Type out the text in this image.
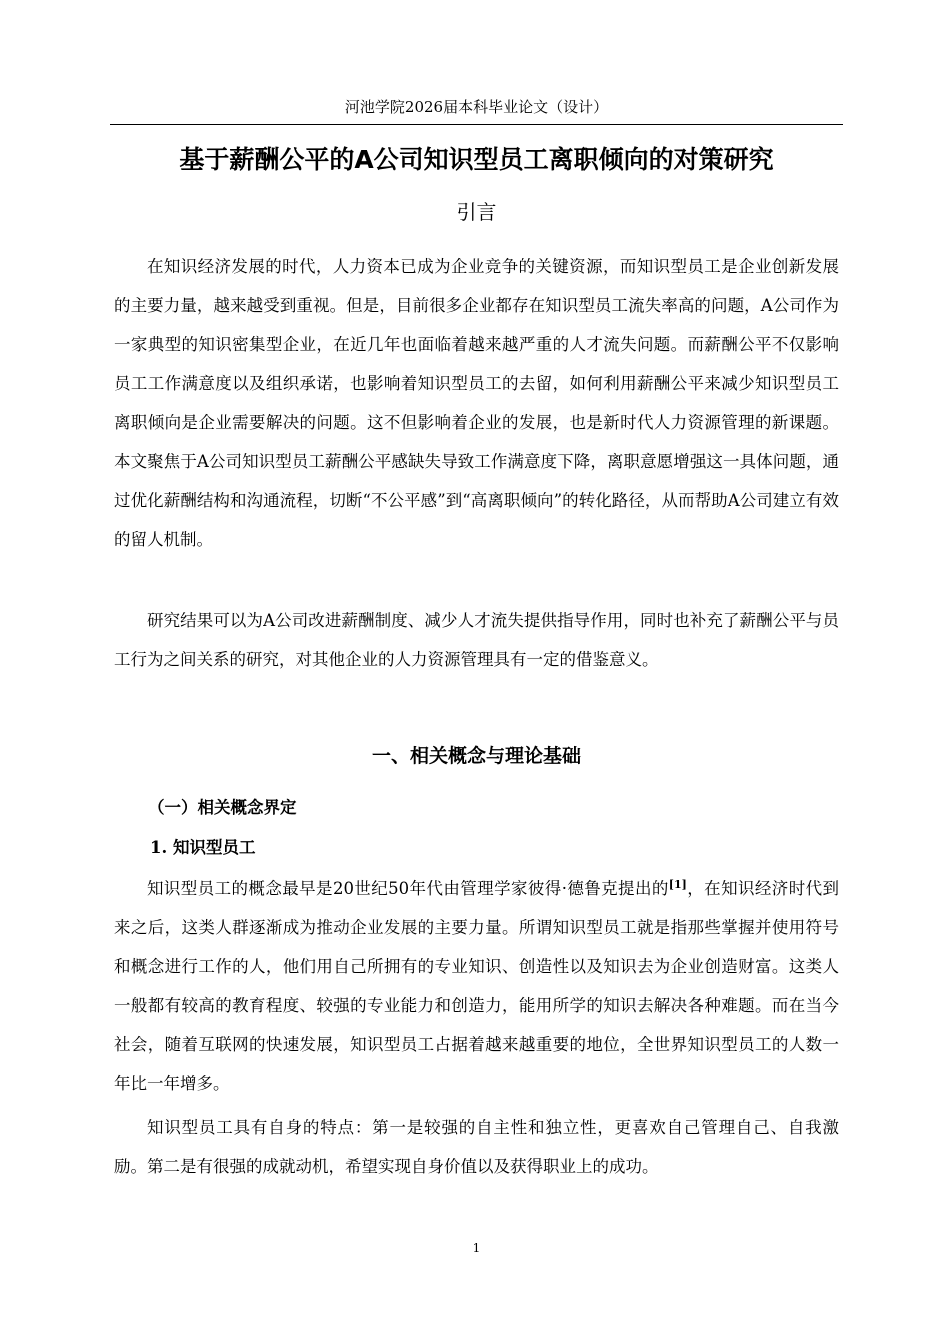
河池学院2026届本科毕业论文（设计）
基于薪酬公平的A公司知识型员工离职倾向的对策研究
引言

在知识经济发展的时代，人力资本已成为企业竞争的关键资源，而知识型员工是企业创新发展的主要力量，越来越受到重视。但是，目前很多企业都存在知识型员工流失率高的问题，A公司作为一家典型的知识密集型企业，在近几年也面临着越来越严重的人才流失问题。而薪酬公平不仅影响员工工作满意度以及组织承诺，也影响着知识型员工的去留，如何利用薪酬公平来减少知识型员工离职倾向是企业需要解决的问题。这不但影响着企业的发展，也是新时代人力资源管理的新课题。本文聚焦于A公司知识型员工薪酬公平感缺失导致工作满意度下降，离职意愿增强这一具体问题，通过优化薪酬结构和沟通流程，切断“不公平感”到“高离职倾向”的转化路径，从而帮助A公司建立有效的留人机制。

研究结果可以为A公司改进薪酬制度、减少人才流失提供指导作用，同时也补充了薪酬公平与员工行为之间关系的研究，对其他企业的人力资源管理具有一定的借鉴意义。

一、相关概念与理论基础
（一）相关概念界定
1. 知识型员工

知识型员工的概念最早是20世纪50年代由管理学家彼得·德鲁克提出的[1]，在知识经济时代到来之后，这类人群逐渐成为推动企业发展的主要力量。所谓知识型员工就是指那些掌握并使用符号和概念进行工作的人，他们用自己所拥有的专业知识、创造性以及知识去为企业创造财富。这类人一般都有较高的教育程度、较强的专业能力和创造力，能用所学的知识去解决各种难题。而在当今社会，随着互联网的快速发展，知识型员工占据着越来越重要的地位，全世界知识型员工的人数一年比一年增多。

知识型员工具有自身的特点：第一是较强的自主性和独立性，更喜欢自己管理自己、自我激励。第二是有很强的成就动机，希望实现自身价值以及获得职业上的成功。

1
